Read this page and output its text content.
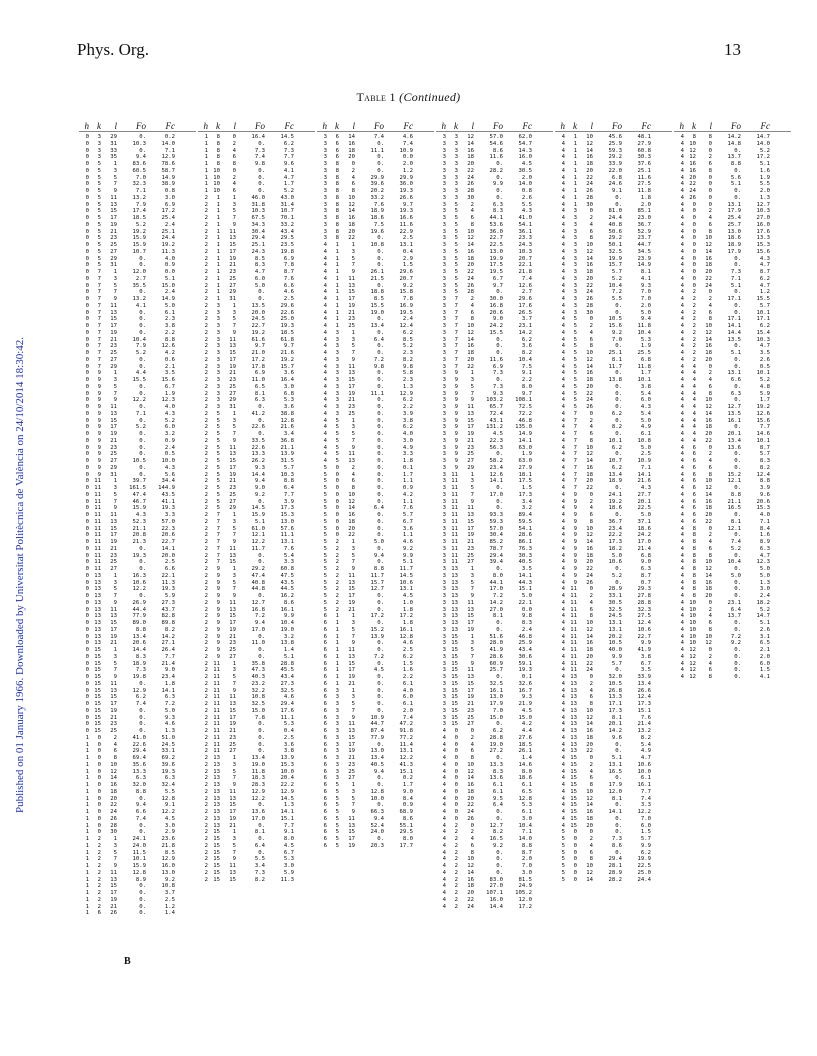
Phys. Org.	13
Published on 01 January 1966. Downloaded by Universitat Politècnica de València on 24/10/2014 18:30:42.
Table 1 (Continued)
h k	l	Fo	Fc
0	3	29	0.	0.2
0	3	31	10.3	14.0
0	3	33	0.	7.1
0	3	35	9.4	12.9
0	5	1	83.6	78.6
0	5	3	60.5	58.7
0	5	5	7.0	14.9
0	5	7	32.3	38.9
0	5	9	7.1	0.8
0	5	11	13.2	3.0
0	5	13	7.9	6.9
0	5	15	17.4	17.2
0	5	17	18.5	25.4
0	5	19	5.2	2.4
0	5	21	19.2	25.1
0	5	23	15.9	24.4
0	5	25	15.9	19.2
0	5	27	10.7	11.3
0	5	29	0.	4.0
0	5	31	0.	0.9
0	7	1	12.0	0.0
0	7	3	2.7	5.1
0	7	5	35.5	15.0
0	7	7	0.	2.4
0	7	9	13.2	14.9
0	7	11	4.1	5.0
0	7	13	0.	6.1
0	7	15	0.	2.3
0	7	17	0.	3.8
0	7	19	0.	2.2
0	7	21	10.4	8.8
0	7	23	7.9	12.6
0	7	25	5.2	4.2
0	7	27	0.	0.6
0	7	29	0.	2.1
0	9	1	4.4	3.5
0	9	3	15.5	15.6
0	9	5	0.	6.7
0	9	7	0.	1.9
0	9	9	12.2	12.3
0	9	11	0.	4.0
0	9	13	7.1	4.3
0	9	15	0.	5.2
0	9	17	5.2	6.0
0	9	19	0.	3.2
0	9	21	0.	0.9
0	9	23	0.	2.4
0	9	25	0.	0.5
0	9	27	10.5	10.0
0	9	29	0.	4.3
0	9	31	0.	5.6
0 11	1	39.7	34.4
0 11	3	161.5	144.9
0 11	5	47.4	43.5
0 11	7	46.7	41.1
0 11	9	15.9	19.3
0 11	11	4.3	3.3
0 11	13	52.3	57.0
0 11	15	21.1	22.3
0 11	17	20.8	20.6
0 11	19	21.3	22.7
0 11	21	0.	14.1
0 11	23	19.3	20.0
0 11	25	0.	2.5
0 11	27	0.	6.6
0 13	1	16.3	22.1
0 13	3	10.6	11.3
0 13	5	12.2	19.3
0 13	7	0.	5.9
0 13	9	26.9	27.3
0 13	11	44.4	43.7
0 13	13	77.9	82.8
0 13	15	89.0	89.8
0 13	17	8.8	8.2
0 13	19	13.4	14.2
0 13	21	20.6	27.1
0 15	1	14.4	26.4
0 15	3	8.3	7.7
0 15	5	18.9	21.4
0 15	7	7.3	9.0
0 15	9	19.8	23.4
0 15	11	0.	1.8
0 15	13	12.9	14.1
0 15	15	6.2	6.3
0 15	17	7.4	7.2
0 15	19	0.	5.0
0 15	21	0.	9.3
0 15	23	0.	4.6
0 15	25	0.	1.3
1	0	2	41.0	51.0
1	0	4	22.6	24.5
1	0	6	29.4	33.1
1	0	8	69.4	69.2
1	0	10	35.6	39.6
1	0	12	13.3	19.3
1	0	14	6.3	6.3
1	0	16	32.0	32.4
1	0	18	8.8	5.5
1	0	20	0.	12.8
1	0	22	9.4	9.1
1	0	24	6.6	12.2
1	0	26	7.4	4.5
1	0	28	0.	3.0
1	0	30	0.	2.9
1	2	1	24.1	23.6
1	2	3	24.0	21.8
1	2	5	11.5	8.5
1	2	7	10.1	12.9
1	2	9	15.9	16.0
1	2	11	12.8	13.0
1	2	13	8.9	9.2
1	2	15	0.	10.8
1	2	17	0.	3.7
1	2	19	0.	2.5
1	2	21	0.	1.2
1	6	26	0.	1.4
h k	l	Fo	Fc
1	8	0	16.4	14.5
1	8	2	0.	6.2
1	8	4	7.3	7.3
1	8	6	7.4	7.7
1	8	8	9.8	9.6
1 10	0	0.	4.1
1 10	2	0.	4.7
1 10	4	0.	1.7
1 10	6	0.	5.2
2	1	1	46.0	43.0
2	1	3	31.8	31.4
2	1	5	10.3	10.7
2	1	7	67.5	70.1
2	1	9	34.3	33.2
2	1	11	30.4	43.4
2	1	13	29.4	29.5
2	1	15	25.1	23.5
2	1	17	24.3	19.8
2	1	19	8.5	6.9
2	1	21	8.3	7.8
2	1	23	4.7	8.7
2	1	25	6.0	7.6
2	1	27	5.0	6.6
2	1	29	0.	4.6
2	1	31	0.	2.5
2	3	1	13.5	29.6
2	3	3	20.0	22.6
2	3	5	24.5	25.0
2	3	7	22.7	19.3
2	3	9	19.2	18.5
2	3	11	61.6	61.8
2	3	13	9.7	9.7
2	3	15	21.0	21.6
2	3	17	17.2	19.2
2	3	19	17.8	15.7
2	3	21	6.9	3.6
2	3	23	11.0	16.4
2	3	25	6.5	3.0
2	3	27	8.1	6.8
2	3	29	6.3	5.3
2	3	31	0.	3.6
2	5	1	41.2	38.8
2	5	3	0.	12.8
2	5	5	22.6	21.6
2	5	7	0.	3.4
2	5	9	33.5	36.8
2	5	11	22.6	21.1
2	5	13	13.3	13.9
2	5	15	26.2	31.5
2	5	17	9.3	5.7
2	5	19	14.4	10.3
2	5	21	9.4	8.8
2	5	23	9.0	6.4
2	5	25	9.2	7.7
2	5	27	0.	3.9
2	5	29	14.5	17.3
2	7	1	15.9	15.3
2	7	3	5.1	13.0
2	7	5	61.0	57.6
2	7	7	12.1	11.1
2	7	9	12.2	13.1
2	7	11	11.7	7.6
2	7	13	0.	5.4
2	7	15	0.	3.3
2	9	1	29.2	60.8
2	9	3	47.4	47.5
2	9	5	40.8	43.5
2	9	7	44.8	44.5
2	9	9	0.	16.2
2	9	11	12.7	8.6
2	9	13	16.8	16.1
2	9	15	7.2	9.9
2	9	17	9.4	10.4
2	9	19	17.0	19.0
2	9	21	0.	3.2
2	9	23	11.0	13.8
2	9	25	0.	1.4
2	9	27	0.	5.1
2 11	1	35.8	28.8
2 11	3	47.3	45.5
2 11	5	40.3	43.4
2 11	7	23.2	27.3
2 11	9	32.2	32.5
2 11	11	10.8	4.6
2 11	13	32.5	29.4
2 11	15	15.0	17.6
2 11	17	7.8	11.1
2 11	19	0.	5.3
2 11	21	0.	0.4
2 11	23	0.	2.5
2 11	25	0.	3.6
2 11	27	0.	3.8
2 13	1	13.4	13.9
2 13	3	19.0	15.3
2 13	5	11.8	10.0
2 13	7	18.3	20.4
2 13	9	28.3	22.2
2 13	11	12.9	12.9
2 13	13	12.2	14.5
2 13	15	0.	1.3
2 13	17	13.6	14.1
2 13	19	17.0	15.1
2 13	21	0.	7.7
2 15	1	8.1	9.1
2 15	3	0.	8.0
2 15	5	6.4	4.5
2 15	7	0.	6.7
2 15	9	5.5	5.3
2 15	11	3.4	3.0
2 15	13	7.3	5.9
2 15	15	8.2	11.3
h k	l	Fo	Fc
3	6	14	7.4	4.6
3	6	16	0.	7.4
3	6	18	11.1	10.9
3	6	20	0.	0.0
3	8	0	0.	2.0
3	8	2	0.	1.2
3	8	4	29.9	29.9
3	8	6	39.6	36.0
3	8	8	20.2	19.3
3	8	10	33.2	26.6
3	8	12	7.6	9.7
3	8	14	18.9	19.3
3	8	16	18.6	16.6
3	8	18	7.5	11.6
3	8	20	19.6	22.9
3	8	22	0.	2.5
4	1	1	10.8	13.1
4	1	3	0.	0.4
4	1	5	0.	2.9
4	1	7	0.	1.5
4	1	9	26.1	29.6
4	1	11	21.5	20.7
4	1	13	0.	9.2
4	1	15	18.8	15.8
4	1	17	8.5	7.8
4	1	19	15.5	16.9
4	1	21	19.0	19.5
4	1	23	0.	2.4
4	1	25	13.4	12.4
4	3	1	0.	6.2
4	3	3	6.4	8.5
4	3	5	0.	5.2
4	3	7	0.	2.3
4	3	9	7.2	8.2
4	3	11	9.8	9.8
4	3	13	0.	5.8
4	3	15	0.	2.3
4	3	17	0.	1.3
4	3	19	11.1	12.9
4	3	21	0.	6.2
4	3	23	0.	2.2
4	3	25	0.	3.9
4	5	1	0.	3.8
4	5	3	0.	6.2
4	5	5	0.	4.0
4	5	7	0.	3.0
4	5	9	0.	4.9
4	5	11	0.	3.3
4	5	13	0.	1.8
5	0	2	0.	0.1
5	0	4	0.	1.7
5	0	6	0.	1.1
5	0	8	0.	0.9
5	0	10	0.	4.2
5	0	12	0.	1.1
5	0	14	6.4	7.6
5	0	16	0.	5.7
5	0	18	0.	6.7
5	0	20	0.	3.6
5	0	22	0.	1.1
5	2	1	5.0	4.6
5	2	3	0.	9.2
5	2	5	9.4	9.9
5	2	7	0.	5.1
5	2	9	8.8	11.7
5	2	11	11.7	14.5
5	2	13	15.7	10.6
5	2	15	12.7	13.1
5	2	17	0.	4.5
5	2	19	0.	1.0
5	2	21	0.	1.8
6	1	1	17.2	17.2
6	1	3	0.	1.8
6	1	5	15.2	16.1
6	1	7	13.9	12.8
6	1	9	0.	4.6
6	1	11	0.	2.5
6	1	13	7.2	6.2
6	1	15	0.	1.5
6	1	17	4.5	1.6
6	1	19	0.	2.2
6	1	21	0.	6.1
6	3	1	0.	4.0
6	3	3	0.	6.0
6	3	5	0.	6.1
6	3	7	0.	2.0
6	3	9	10.9	7.4
6	3	11	44.7	47.2
6	3	13	87.4	91.8
6	3	15	77.9	77.2
6	3	17	0.	11.4
6	3	19	13.0	13.1
6	3	21	13.4	12.2
6	3	23	40.5	41.3
6	3	25	9.4	15.1
6	3	27	0.	0.2
6	5	1	0.	1.7
6	5	3	12.8	9.0
6	5	5	10.0	8.4
6	5	7	0.	0.9
6	5	9	66.3	68.9
6	5	11	9.4	8.6
6	5	13	52.4	55.1
6	5	15	24.0	29.5
6	5	17	0.	8.0
6	5	19	20.3	17.7
h k	l	Fo	Fc
3	3	12	57.0	62.0
3	3	14	54.6	54.7
3	3	16	8.6	14.3
3	3	18	11.6	16.0
3	3	20	0.	4.5
3	3	22	28.2	30.5
3	3	24	0.	2.0
3	3	26	9.9	14.0
3	3	28	0.	0.8
3	3	30	0.	2.6
3	5	2	6.3	5.5
3	5	4	8.3	4.3
3	5	6	44.1	41.0
3	5	8	53.6	54.1
3	5	10	36.0	36.1
3	5	12	22.7	23.3
3	5	14	22.5	24.3
3	5	16	13.0	10.3
3	5	18	19.9	20.7
3	5	20	17.5	22.1
3	5	22	19.5	21.8
3	5	24	6.7	7.4
3	5	26	9.7	12.6
3	5	28	0.	2.7
3	7	2	30.0	29.6
3	7	4	16.8	17.6
3	7	6	20.6	26.5
3	7	8	9.0	3.7
3	7	10	24.2	23.1
3	7	12	15.5	14.2
3	7	14	0.	6.2
3	7	16	0.	3.6
3	7	18	0.	8.2
3	7	20	11.6	10.4
3	7	22	6.9	7.5
3	9	1	7.3	9.1
3	9	3	0.	2.2
3	9	5	7.3	8.0
3	9	7	9.3	9.7
3	9	9	103.2	108.1
3	9	11	65.7	72.5
3	9	13	72.4	72.2
3	9	15	43.1	46.8
3	9	17	131.2	135.0
3	9	19	4.5	14.9
3	9	21	22.3	14.1
3	9	23	56.3	63.0
3	9	25	0.	1.9
3	9	27	58.2	63.0
3	9	29	23.4	27.9
3 11	1	12.6	18.1
3 11	3	14.1	17.5
3 11	5	0.	1.5
3 11	7	17.0	17.3
3 11	9	0.	3.4
3 11	11	0.	3.2
3 11	13	93.3	89.4
3 11	15	59.3	59.5
3 11	17	57.0	54.1
3 11	19	30.4	28.6
3 11	21	85.2	86.1
3 11	23	78.7	76.3
3 11	25	29.4	30.3
3 11	27	39.4	40.5
3 13	1	0.	3.5
3 13	3	8.0	14.1
3 13	5	44.1	44.3
3 13	7	17.0	15.1
3 13	9	7.2	5.0
3 13	11	14.2	22.1
3 13	13	27.0	0.0
3 13	15	8.1	9.8
3 13	17	0.	8.3
3 13	19	0.	2.4
3 15	1	51.6	46.8
3 15	3	28.0	25.9
3 15	5	41.9	43.4
3 15	7	28.6	30.6
3 15	9	60.9	59.1
3 15	11	25.7	19.3
3 15	13	0.	0.1
3 15	15	32.5	32.6
3 15	17	16.1	16.7
3 15	19	13.0	9.3
3 15	21	17.9	21.9
3 15	23	7.0	4.5
3 15	25	15.0	15.0
3 15	27	0.	4.2
4	0	0	6.2	4.4
4	0	2	28.8	27.6
4	0	4	19.0	18.5
4	0	6	27.2	26.1
4	0	8	0.	1.4
4	0	10	13.3	14.6
4	0	12	8.3	8.0
4	0	14	13.6	18.6
4	0	16	6.1	6.1
4	0	18	6.1	6.5
4	0	20	9.5	12.8
4	0	22	6.4	5.3
4	0	24	0.	6.1
4	0	26	0.	3.0
4	2	0	12.7	10.4
4	2	2	8.2	7.1
4	2	4	16.5	14.0
4	2	6	9.2	8.8
4	2	8	0.	8.7
4	2	10	0.	2.0
4	2	12	0.	7.0
4	2	14	0.	3.0
4	2	16	83.0	81.5
4	2	18	27.0	24.9
4	2	20	107.1	105.2
4	2	22	16.0	12.0
4	2	24	14.4	17.2
h k	l	Fo	Fc
4	1	10	45.6	48.1
4	1	12	25.9	27.9
4	1	14	59.3	60.8
4	1	16	29.2	30.3
4	1	18	33.9	37.6
4	1	20	22.0	25.1
4	1	22	6.8	11.6
4	1	24	24.6	27.5
4	1	26	9.1	11.8
4	1	28	0.	1.8
4	1	30	0.	2.0
4	3	0	81.0	85.1
4	3	2	24.4	23.0
4	3	4	40.8	36.7
4	3	6	50.6	52.9
4	3	8	29.2	23.7
4	3	10	50.1	44.7
4	3	12	32.5	34.5
4	3	14	19.9	23.9
4	3	16	15.7	14.9
4	3	18	5.7	8.1
4	3	20	5.2	4.1
4	3	22	10.4	9.3
4	3	24	7.2	7.0
4	3	26	5.5	7.0
4	3	28	0.	2.0
4	3	30	0.	5.0
4	5	0	10.5	9.4
4	5	2	15.6	11.8
4	5	4	9.2	10.4
4	5	6	7.0	5.3
4	5	8	0.	1.9
4	5	10	25.1	25.5
4	5	12	8.1	6.8
4	5	14	11.7	11.8
4	5	16	0.	1.7
4	5	18	13.8	10.1
4	5	20	0.	3.8
4	5	22	0.	5.4
4	5	24	0.	6.0
4	5	26	0.	4.3
4	7	0	6.2	5.4
4	7	2	0.	5.0
4	7	4	8.2	4.9
4	7	6	0.	6.1
4	7	8	10.1	10.8
4	7	10	6.2	5.0
4	7	12	0.	2.5
4	7	14	10.7	10.9
4	7	16	6.2	7.1
4	7	18	13.4	14.1
4	7	20	18.9	21.6
4	7	22	0.	4.3
4	9	0	24.1	27.7
4	9	2	19.2	20.1
4	9	4	18.6	22.5
4	9	6	0.	5.0
4	9	8	36.7	37.1
4	9	10	23.4	18.6
4	9	12	22.2	24.2
4	9	14	17.3	17.0
4	9	16	18.2	21.4
4	9	18	5.0	6.8
4	9	20	10.6	9.0
4	9	22	0.	6.3
4	9	24	5.2	8.7
4	9	26	0.	0.7
4 11	0	28.9	29.3
4 11	2	33.1	27.8
4 11	4	30.5	28.8
4 11	6	32.5	32.3
4 11	8	24.5	27.5
4 11	10	13.1	12.4
4 11	12	13.1	10.6
4 11	14	20.2	22.7
4 11	16	10.5	9.9
4 11	18	40.0	41.9
4 11	20	9.9	3.8
4 11	22	5.7	6.7
4 11	24	0.	3.5
4 13	0	32.0	33.9
4 13	2	10.5	13.4
4 13	4	26.8	26.6
4 13	6	13.3	12.4
4 13	8	17.1	17.3
4 13	10	17.3	15.1
4 13	12	8.1	7.6
4 13	14	20.1	21.4
4 13	16	14.2	13.2
4 13	18	9.6	8.2
4 13	20	0.	5.4
4 13	22	0.	4.9
4 15	0	5.1	4.7
4 15	2	13.1	10.6
4 15	4	16.5	10.0
4 15	6	0.	6.1
4 15	8	17.9	16.1
4 15	10	12.0	7.7
4 15	12	8.1	7.4
4 15	14	0.	3.3
4 15	16	14.1	12.2
4 15	18	0.	7.0
4 15	20	0.	6.0
5	0	0	0.	1.5
5	0	2	7.3	5.7
5	0	4	8.6	9.9
5	0	6	0.	6.2
5	0	8	29.4	19.9
5	0	10	28.1	22.5
5	0	12	28.9	25.0
5	0	14	28.2	24.4
h k	l	Fo	Fc
4	8	8	14.2	14.7
4 10	0	14.8	14.0
4 12	0	0.	5.2
4 12	2	13.7	17.2
4 16	6	8.8	5.1
4 16	8	0.	1.6
4 20	0	5.6	1.9
4 22	0	5.1	5.5
4 24	0	0.	2.0
4 26	0	0.	1.3
4	0	0	13.1	12.7
4	0	2	17.9	10.3
4	0	4	25.4	27.0
4	0	6	25.7	16.0
4	0	8	13.0	17.6
4	0	10	18.6	13.3
4	0	12	18.9	15.3
4	0	14	17.9	15.6
4	0	16	0.	4.3
4	0	18	0.	4.7
4	0	20	7.3	8.7
4	0	22	7.1	6.2
4	0	24	5.1	4.7
4	2	0	0.	1.2
4	2	2	17.1	15.5
4	2	4	0.	5.7
4	2	6	0.	10.1
4	2	8	17.1	17.1
4	2	10	14.1	6.2
4	2	12	14.4	15.4
4	2	14	13.5	10.3
4	2	16	0.	4.7
4	2	18	5.1	3.5
4	2	20	0.	2.6
4	4	0	0.	0.5
4	4	2	13.1	10.1
4	4	4	6.6	5.2
4	4	6	0.	4.8
4	4	8	6.3	5.9
4	4	10	0.	1.7
4	4	12	12.7	19.2
4	4	14	13.5	12.6
4	4	16	16.1	15.6
4	4	18	0.	7.7
4	4	20	20.1	14.6
4	4	22	13.4	10.1
4	6	0	13.6	8.7
4	6	2	0.	5.7
4	6	4	0.	8.3
4	6	6	0.	8.2
4	6	8	15.2	12.4
4	6	10	12.1	8.8
4	6	12	0.	3.9
4	6	14	8.8	9.6
4	6	16	21.1	20.6
4	6	18	16.5	15.3
4	6	20	0.	4.0
4	6	22	8.1	7.1
4	8	0	12.1	8.4
4	8	2	0.	1.6
4	8	4	7.4	8.9
4	8	6	5.2	6.3
4	8	8	0.	4.7
4	8	10	10.4	12.3
4	8	12	0.	5.0
4	8	14	5.0	5.0
4	8	16	0.	1.3
4	8	18	0.	3.0
4	8	20	0.	2.4
4 10	0	23.1	18.2
4 10	2	6.4	5.2
4 10	4	13.7	14.7
4 10	6	0.	5.1
4 10	8	0.	2.6
4 10	10	7.2	3.1
4 10	12	9.2	6.5
4 12	0	0.	2.1
4 12	2	0.	2.0
4 12	4	0.	6.0
4 12	6	0.	1.5
4 12	8	0.	4.1
B
